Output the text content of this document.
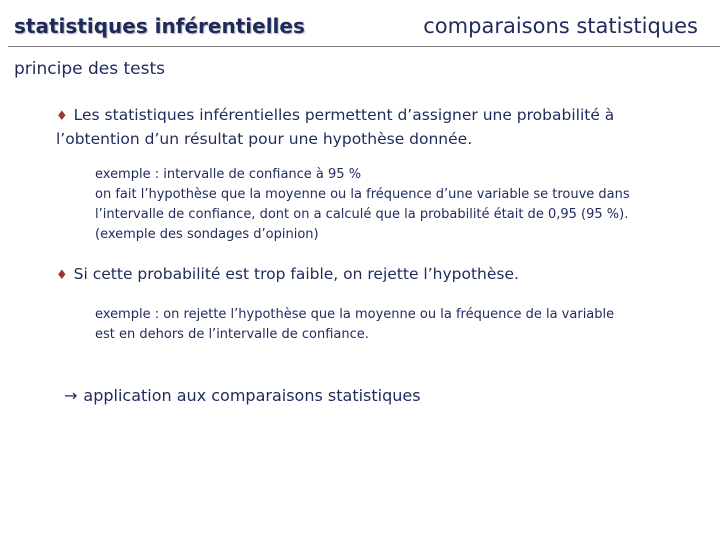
statistiques inférentielles	comparaisons statistiques
principe des tests
♦ Les statistiques inférentielles permettent d’assigner une probabilité à l’obtention d’un résultat pour une hypothèse donnée.
exemple : intervalle de confiance à 95 %
on fait l’hypothèse que la moyenne ou la fréquence d’une variable se trouve dans
l’intervalle de confiance, dont on a calculé que la probabilité était de 0,95 (95 %).
(exemple des sondages d’opinion)
♦ Si cette probabilité est trop faible, on rejette l’hypothèse.
exemple : on rejette l’hypothèse que la moyenne ou la fréquence de la variable
est en dehors de l’intervalle de confiance.
→ application aux comparaisons statistiques
